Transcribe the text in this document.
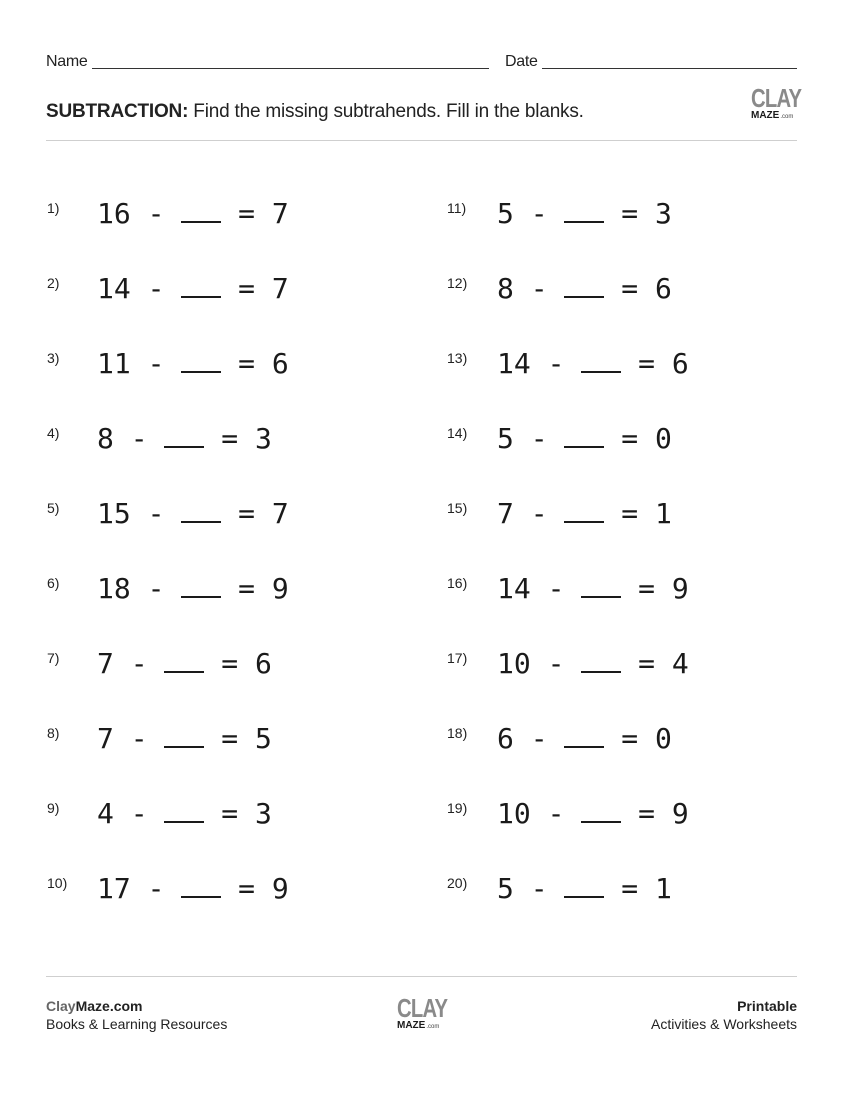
Name	Date
SUBTRACTION: Find the missing subtrahends. Fill in the blanks.	CLAY
MAZE.com
1) 16 -  = 7
2) 14 -  = 7
3) 11 -  = 6
4) 8 -  = 3
5) 15 -  = 7
6) 18 -  = 9
7) 7 -  = 6
8) 7 -  = 5
9) 4 -  = 3
10) 17 -  = 9
11) 5 -  = 3
12) 8 -  = 6
13) 14 -  = 6
14) 5 -  = 0
15) 7 -  = 1
16) 14 -  = 9
17) 10 -  = 4
18) 6 -  = 0
19) 10 -  = 9
20) 5 -  = 1
ClayMaze.com
Books & Learning Resources
CLAY
MAZE.com
Printable
Activities & Worksheets
